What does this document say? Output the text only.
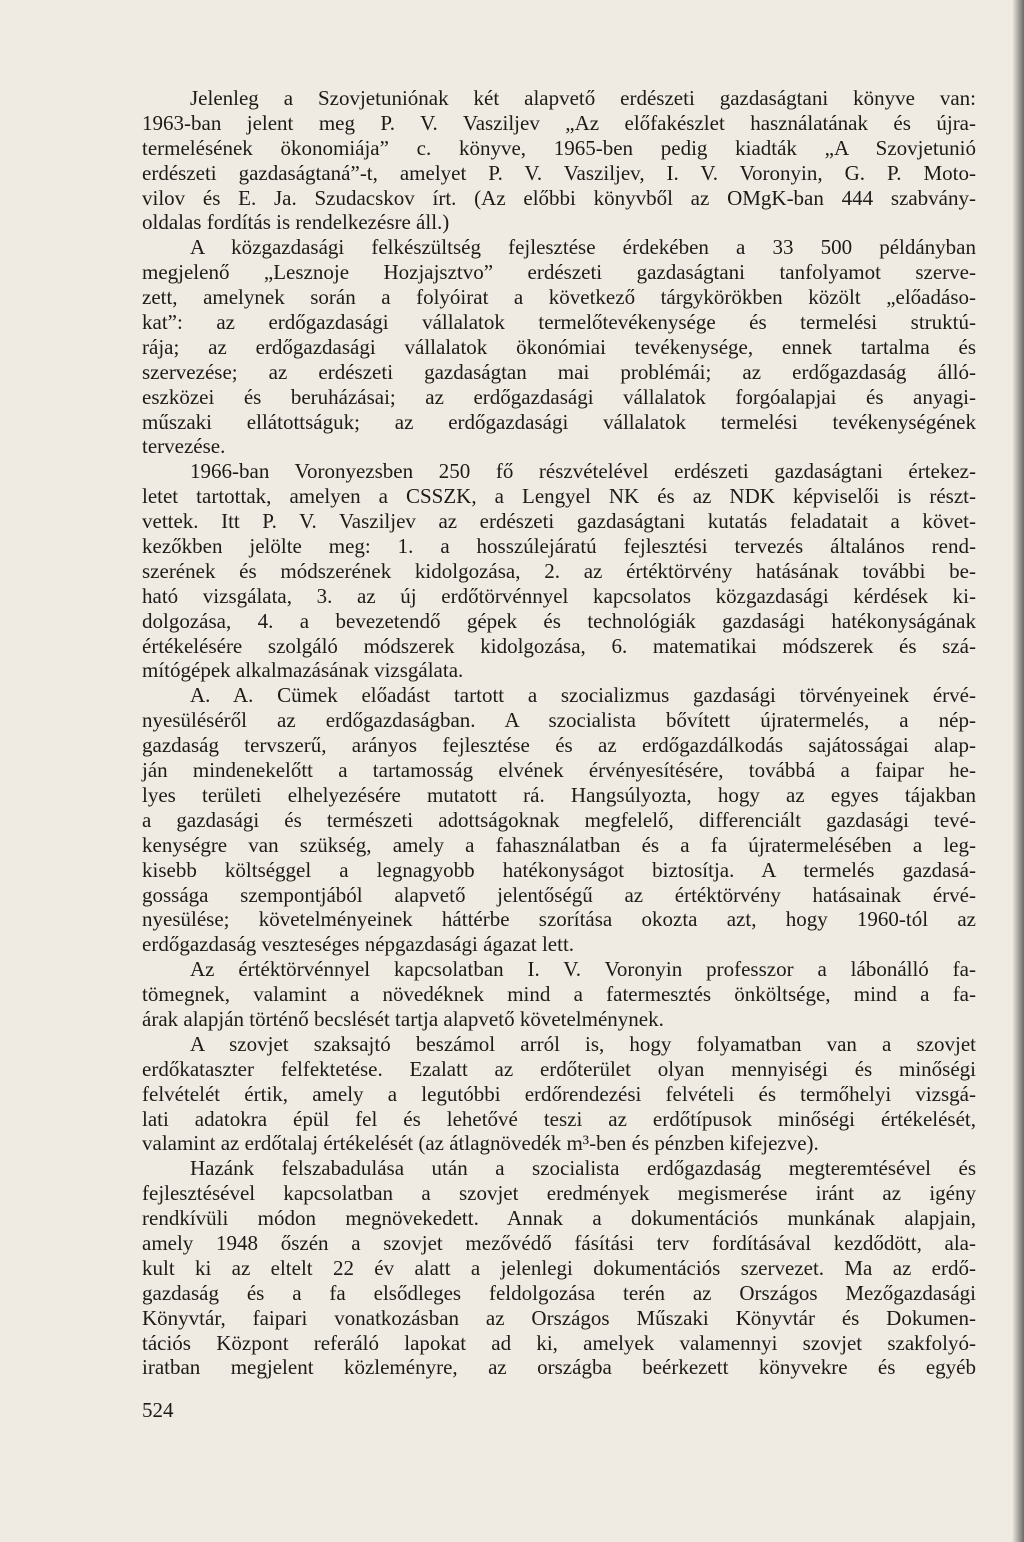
Jelenleg a Szovjetuniónak két alapvető erdészeti gazdaságtani könyve van:
1963-ban jelent meg P. V. Vasziljev „Az előfakészlet használatának és újra-
termelésének ökonomiája” c. könyve, 1965-ben pedig kiadták „A Szovjetunió
erdészeti gazdaságtaná”-t, amelyet P. V. Vasziljev, I. V. Voronyin, G. P. Moto-
vilov és E. Ja. Szudacskov írt. (Az előbbi könyvből az OMgK-ban 444 szabvány-
oldalas fordítás is rendelkezésre áll.)
A közgazdasági felkészültség fejlesztése érdekében a 33 500 példányban
megjelenő „Lesznoje Hozjajsztvo” erdészeti gazdaságtani tanfolyamot szerve-
zett, amelynek során a folyóirat a következő tárgykörökben közölt „előadáso-
kat”: az erdőgazdasági vállalatok termelőtevékenysége és termelési struktú-
rája; az erdőgazdasági vállalatok ökonómiai tevékenysége, ennek tartalma és
szervezése; az erdészeti gazdaságtan mai problémái; az erdőgazdaság álló-
eszközei és beruházásai; az erdőgazdasági vállalatok forgóalapjai és anyagi-
műszaki ellátottságuk; az erdőgazdasági vállalatok termelési tevékenységének
tervezése.
1966-ban Voronyezsben 250 fő részvételével erdészeti gazdaságtani értekez-
letet tartottak, amelyen a CSSZK, a Lengyel NK és az NDK képviselői is részt-
vettek. Itt P. V. Vasziljev az erdészeti gazdaságtani kutatás feladatait a követ-
kezőkben jelölte meg: 1. a hosszúlejáratú fejlesztési tervezés általános rend-
szerének és módszerének kidolgozása, 2. az értéktörvény hatásának további be-
ható vizsgálata, 3. az új erdőtörvénnyel kapcsolatos közgazdasági kérdések ki-
dolgozása, 4. a bevezetendő gépek és technológiák gazdasági hatékonyságának
értékelésére szolgáló módszerek kidolgozása, 6. matematikai módszerek és szá-
mítógépek alkalmazásának vizsgálata.
A. A. Cümek előadást tartott a szocializmus gazdasági törvényeinek érvé-
nyesüléséről az erdőgazdaságban. A szocialista bővített újratermelés, a nép-
gazdaság tervszerű, arányos fejlesztése és az erdőgazdálkodás sajátosságai alap-
ján mindenekelőtt a tartamosság elvének érvényesítésére, továbbá a faipar he-
lyes területi elhelyezésére mutatott rá. Hangsúlyozta, hogy az egyes tájakban
a gazdasági és természeti adottságoknak megfelelő, differenciált gazdasági tevé-
kenységre van szükség, amely a fahasználatban és a fa újratermelésében a leg-
kisebb költséggel a legnagyobb hatékonyságot biztosítja. A termelés gazdasá-
gossága szempontjából alapvető jelentőségű az értéktörvény hatásainak érvé-
nyesülése; követelményeinek háttérbe szorítása okozta azt, hogy 1960-tól az
erdőgazdaság veszteséges népgazdasági ágazat lett.
Az értéktörvénnyel kapcsolatban I. V. Voronyin professzor a lábonálló fa-
tömegnek, valamint a növedéknek mind a fatermesztés önköltsége, mind a fa-
árak alapján történő becslését tartja alapvető követelménynek.
A szovjet szaksajtó beszámol arról is, hogy folyamatban van a szovjet
erdőkataszter felfektetése. Ezalatt az erdőterület olyan mennyiségi és minőségi
felvételét értik, amely a legutóbbi erdőrendezési felvételi és termőhelyi vizsgá-
lati adatokra épül fel és lehetővé teszi az erdőtípusok minőségi értékelését,
valamint az erdőtalaj értékelését (az átlagnövedék m³-ben és pénzben kifejezve).
Hazánk felszabadulása után a szocialista erdőgazdaság megteremtésével és
fejlesztésével kapcsolatban a szovjet eredmények megismerése iránt az igény
rendkívüli módon megnövekedett. Annak a dokumentációs munkának alapjain,
amely 1948 őszén a szovjet mezővédő fásítási terv fordításával kezdődött, ala-
kult ki az eltelt 22 év alatt a jelenlegi dokumentációs szervezet. Ma az erdő-
gazdaság és a fa elsődleges feldolgozása terén az Országos Mezőgazdasági
Könyvtár, faipari vonatkozásban az Országos Műszaki Könyvtár és Dokumen-
tációs Központ referáló lapokat ad ki, amelyek valamennyi szovjet szakfolyó-
iratban megjelent közleményre, az országba beérkezett könyvekre és egyéb
524
